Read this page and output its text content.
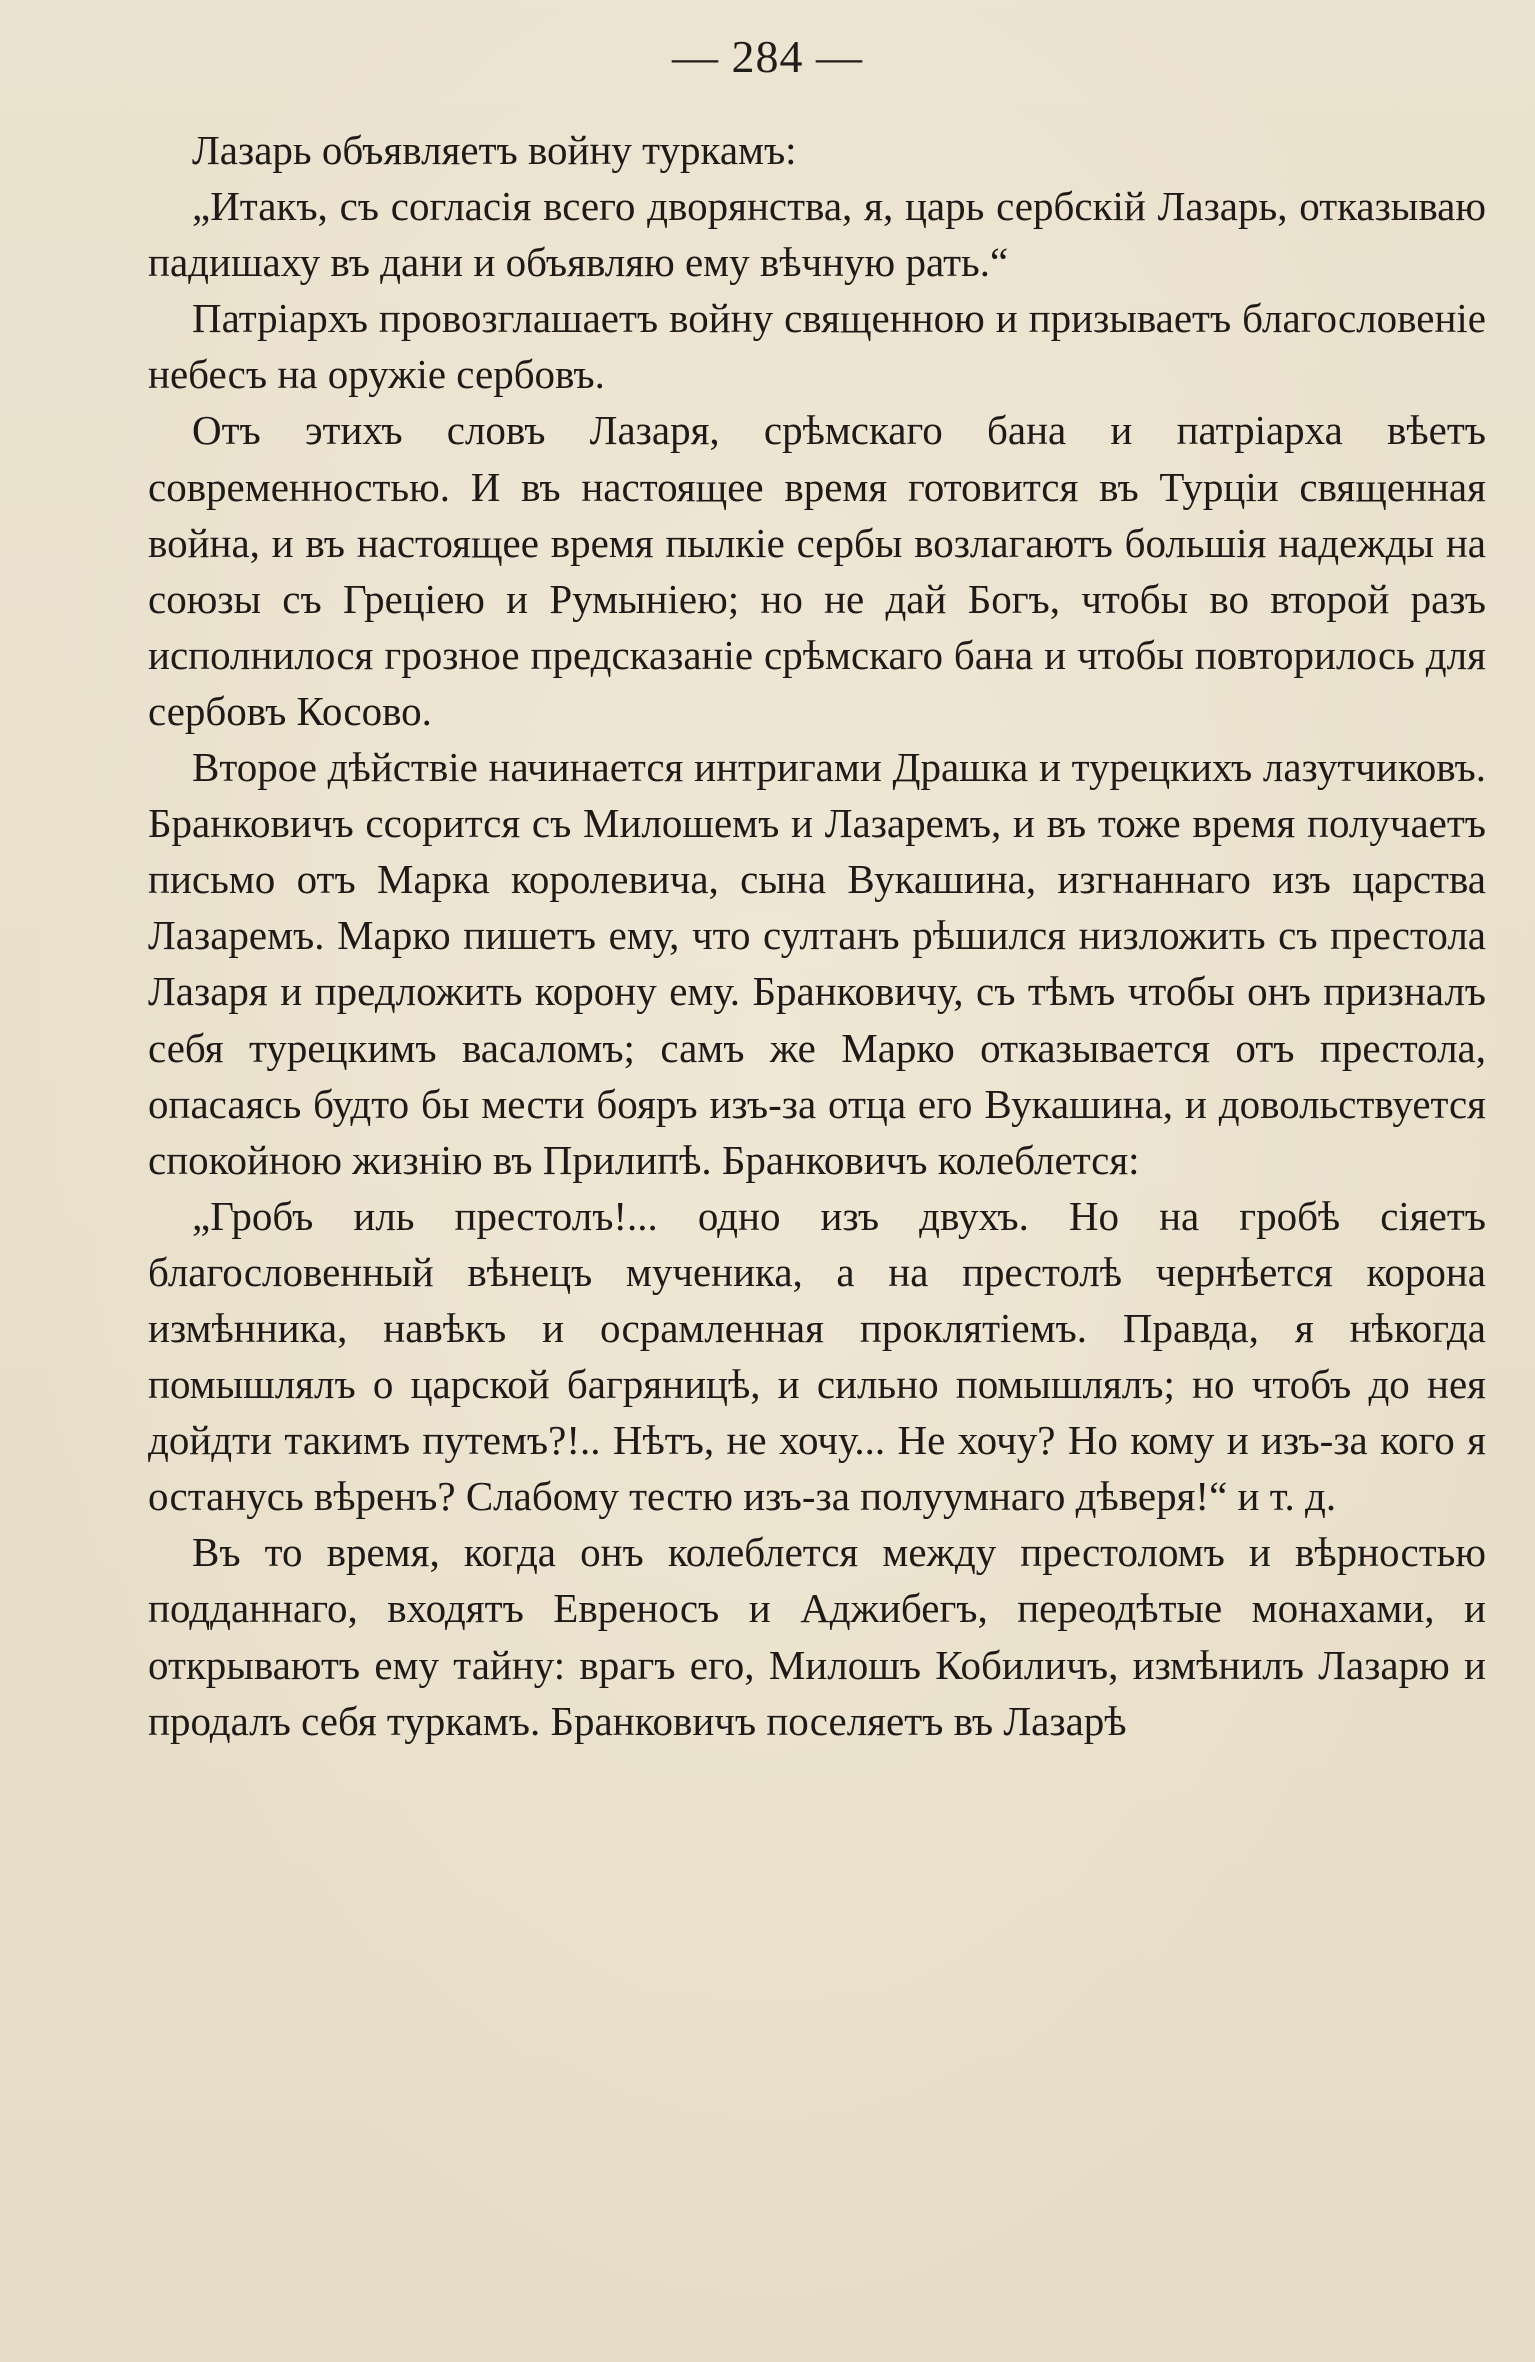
— 284 —

Лазарь объявляетъ войну туркамъ:

„Итакъ, съ согласія всего дворянства, я, царь сербскій Лазарь, отказываю падишаху въ дани и объявляю ему вѣчную рать.“

Патріархъ провозглашаетъ войну священною и призываетъ благословеніе небесъ на оружіе сербовъ.

Отъ этихъ словъ Лазаря, срѣмскаго бана и патріарха вѣетъ современностью. И въ настоящее время готовится въ Турціи священная война, и въ настоящее время пылкіе сербы возлагаютъ большія надежды на союзы съ Греціею и Румыніею; но не дай Богъ, чтобы во второй разъ исполнилося грозное предсказаніе срѣмскаго бана и чтобы повторилось для сербовъ Косово.

Второе дѣйствіе начинается интригами Драшка и турецкихъ лазутчиковъ. Бранковичъ ссорится съ Милошемъ и Лазаремъ, и въ тоже время получаетъ письмо отъ Марка королевича, сына Вукашина, изгнаннаго изъ царства Лазаремъ. Марко пишетъ ему, что султанъ рѣшился низложить съ престола Лазаря и предложить корону ему. Бранковичу, съ тѣмъ чтобы онъ призналъ себя турецкимъ васаломъ; самъ же Марко отказывается отъ престола, опасаясь будто бы мести бояръ изъ-за отца его Вукашина, и довольствуется спокойною жизнію въ Прилипѣ. Бранковичъ колеблется:

„Гробъ иль престолъ!... одно изъ двухъ. Но на гробѣ сіяетъ благословенный вѣнецъ мученика, а на престолѣ чернѣется корона измѣнника, навѣкъ и осрамленная проклятіемъ. Правда, я нѣкогда помышлялъ о царской багряницѣ, и сильно помышлялъ; но чтобъ до нея дойдти такимъ путемъ?!.. Нѣтъ, не хочу... Не хочу? Но кому и изъ-за кого я останусь вѣренъ? Слабому тестю изъ-за полуумнаго дѣверя!“ и т. д.

Въ то время, когда онъ колеблется между престоломъ и вѣрностью подданнаго, входятъ Евреносъ и Аджибегъ, переодѣтые монахами, и открываютъ ему тайну: врагъ его, Милошъ Кобиличъ, измѣнилъ Лазарю и продалъ себя туркамъ. Бранковичъ поселяетъ въ Лазарѣ
